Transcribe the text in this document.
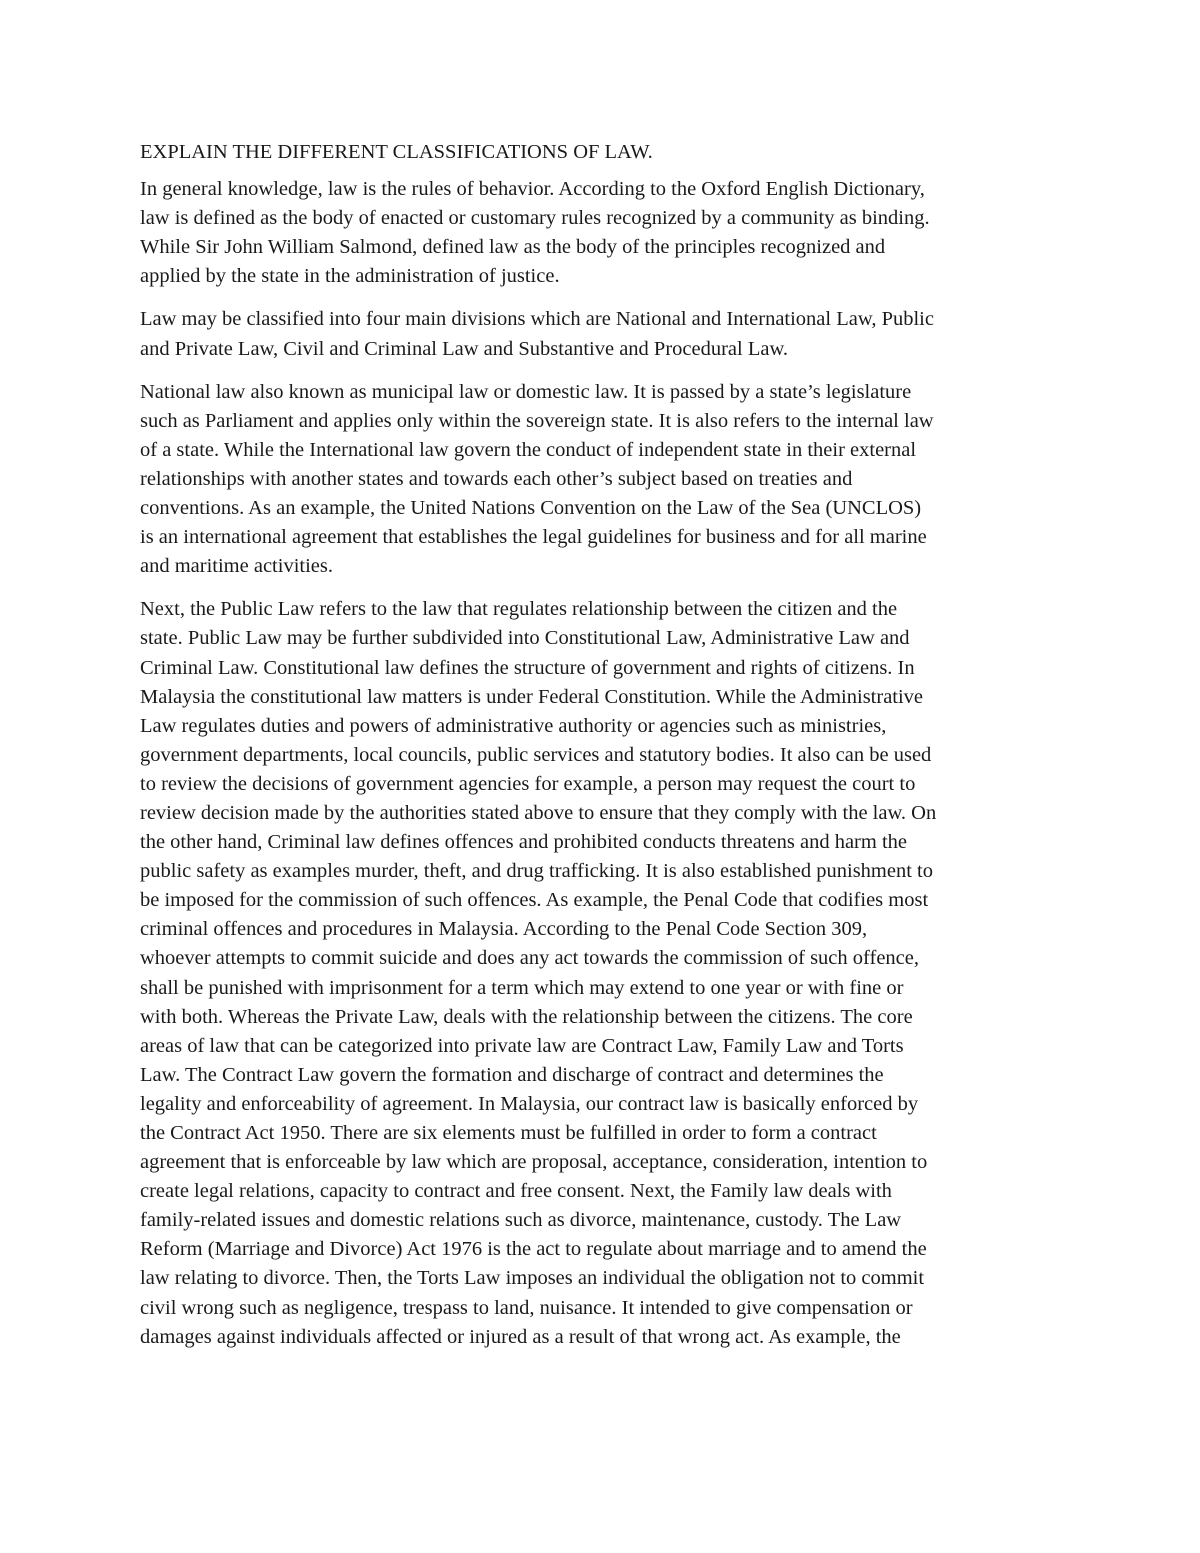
EXPLAIN THE DIFFERENT CLASSIFICATIONS OF LAW.
In general knowledge, law is the rules of behavior. According to the Oxford English Dictionary,
law is defined as the body of enacted or customary rules recognized by a community as binding.
While Sir John William Salmond, defined law as the body of the principles recognized and
applied by the state in the administration of justice.
Law may be classified into four main divisions which are National and International Law, Public
and Private Law, Civil and Criminal Law and Substantive and Procedural Law.
National law also known as municipal law or domestic law. It is passed by a state’s legislature
such as Parliament and applies only within the sovereign state. It is also refers to the internal law
of a state. While the International law govern the conduct of independent state in their external
relationships with another states and towards each other’s subject based on treaties and
conventions. As an example, the United Nations Convention on the Law of the Sea (UNCLOS)
is an international agreement that establishes the legal guidelines for business and for all marine
and maritime activities.
Next, the Public Law refers to the law that regulates relationship between the citizen and the
state. Public Law may be further subdivided into Constitutional Law, Administrative Law and
Criminal Law. Constitutional law defines the structure of government and rights of citizens. In
Malaysia the constitutional law matters is under Federal Constitution. While the Administrative
Law regulates duties and powers of administrative authority or agencies such as ministries,
government departments, local councils, public services and statutory bodies. It also can be used
to review the decisions of government agencies for example, a person may request the court to
review decision made by the authorities stated above to ensure that they comply with the law. On
the other hand, Criminal law defines offences and prohibited conducts threatens and harm the
public safety as examples murder, theft, and drug trafficking. It is also established punishment to
be imposed for the commission of such offences. As example, the Penal Code that codifies most
criminal offences and procedures in Malaysia. According to the Penal Code Section 309,
whoever attempts to commit suicide and does any act towards the commission of such offence,
shall be punished with imprisonment for a term which may extend to one year or with fine or
with both. Whereas the Private Law, deals with the relationship between the citizens. The core
areas of law that can be categorized into private law are Contract Law, Family Law and Torts
Law. The Contract Law govern the formation and discharge of contract and determines the
legality and enforceability of agreement. In Malaysia, our contract law is basically enforced by
the Contract Act 1950. There are six elements must be fulfilled in order to form a contract
agreement that is enforceable by law which are proposal, acceptance, consideration, intention to
create legal relations, capacity to contract and free consent. Next, the Family law deals with
family-related issues and domestic relations such as divorce, maintenance, custody. The Law
Reform (Marriage and Divorce) Act 1976 is the act to regulate about marriage and to amend the
law relating to divorce. Then, the Torts Law imposes an individual the obligation not to commit
civil wrong such as negligence, trespass to land, nuisance. It intended to give compensation or
damages against individuals affected or injured as a result of that wrong act. As example, the
